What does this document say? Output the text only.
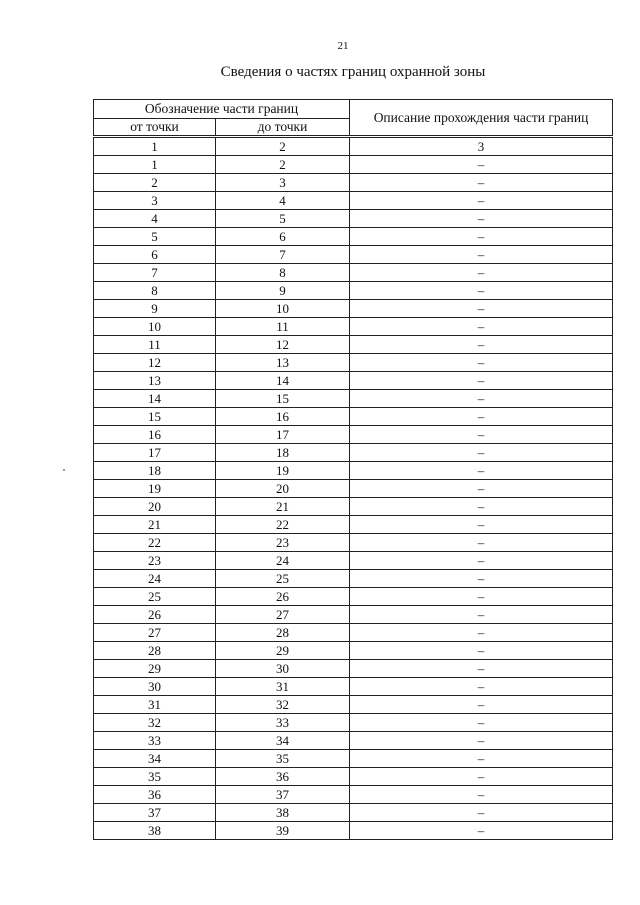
21
Сведения о частях границ охранной зоны
Обозначение части границ		Описание прохождения части границ
от точки	до точки	

1	2	3
1	2	–
2	3	–
3	4	–
4	5	–
5	6	–
6	7	–
7	8	–
8	9	–
9	10	–
10	11	–
11	12	–
12	13	–
13	14	–
14	15	–
15	16	–
16	17	–
17	18	–
18	19	–
19	20	–
20	21	–
21	22	–
22	23	–
23	24	–
24	25	–
25	26	–
26	27	–
27	28	–
28	29	–
29	30	–
30	31	–
31	32	–
32	33	–
33	34	–
34	35	–
35	36	–
36	37	–
37	38	–
38	39	–
